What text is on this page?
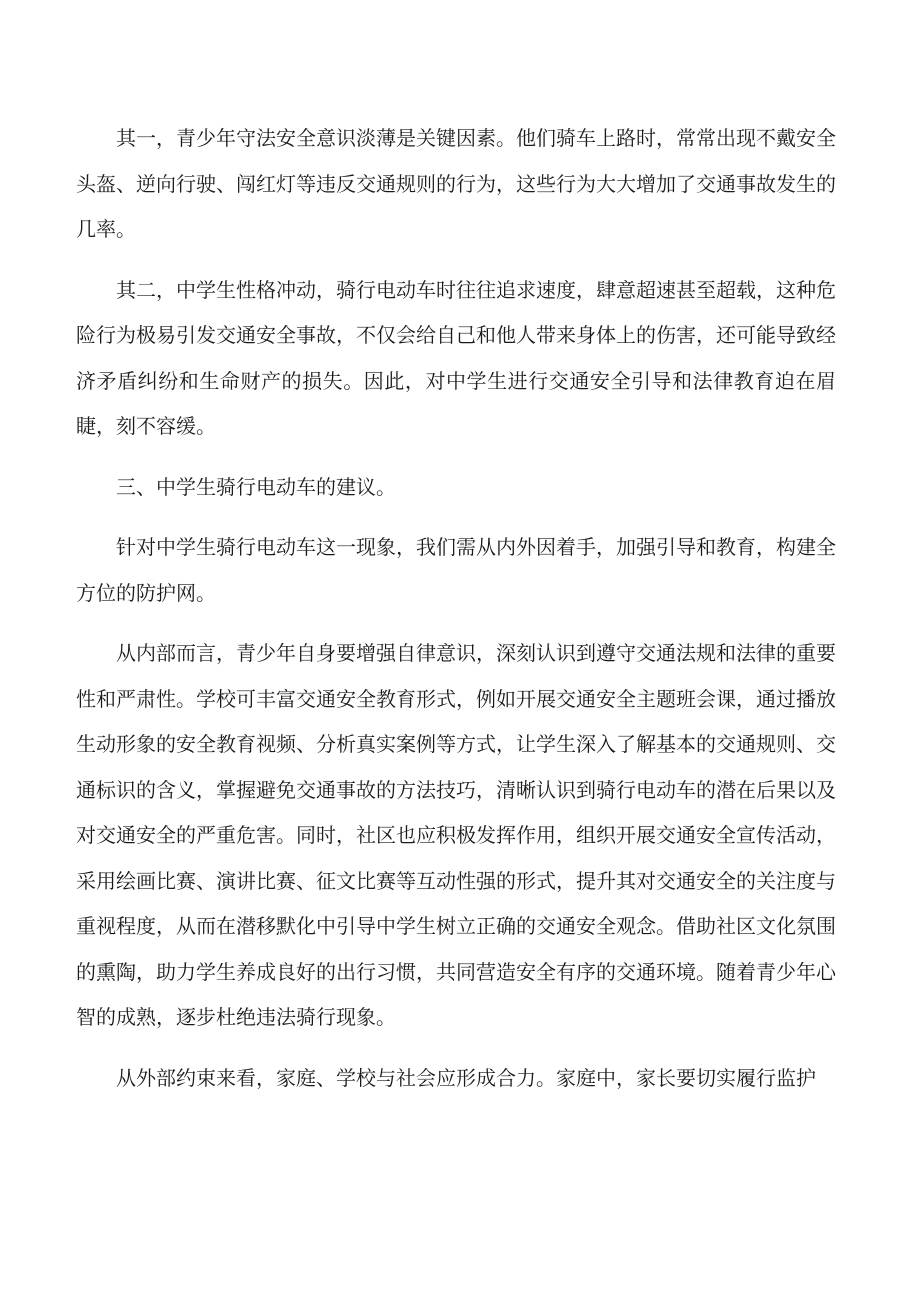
其一，青少年守法安全意识淡薄是关键因素。他们骑车上路时，常常出现不戴安全头盔、逆向行驶、闯红灯等违反交通规则的行为，这些行为大大增加了交通事故发生的几率。

其二，中学生性格冲动，骑行电动车时往往追求速度，肆意超速甚至超载，这种危险行为极易引发交通安全事故，不仅会给自己和他人带来身体上的伤害，还可能导致经济矛盾纠纷和生命财产的损失。因此，对中学生进行交通安全引导和法律教育迫在眉睫，刻不容缓。

三、中学生骑行电动车的建议。

针对中学生骑行电动车这一现象，我们需从内外因着手，加强引导和教育，构建全方位的防护网。

从内部而言，青少年自身要增强自律意识，深刻认识到遵守交通法规和法律的重要性和严肃性。学校可丰富交通安全教育形式，例如开展交通安全主题班会课，通过播放生动形象的安全教育视频、分析真实案例等方式，让学生深入了解基本的交通规则、交通标识的含义，掌握避免交通事故的方法技巧，清晰认识到骑行电动车的潜在后果以及对交通安全的严重危害。同时，社区也应积极发挥作用，组织开展交通安全宣传活动，采用绘画比赛、演讲比赛、征文比赛等互动性强的形式，提升其对交通安全的关注度与重视程度，从而在潜移默化中引导中学生树立正确的交通安全观念。借助社区文化氛围的熏陶，助力学生养成良好的出行习惯，共同营造安全有序的交通环境。随着青少年心智的成熟，逐步杜绝违法骑行现象。

从外部约束来看，家庭、学校与社会应形成合力。家庭中，家长要切实履行监护
